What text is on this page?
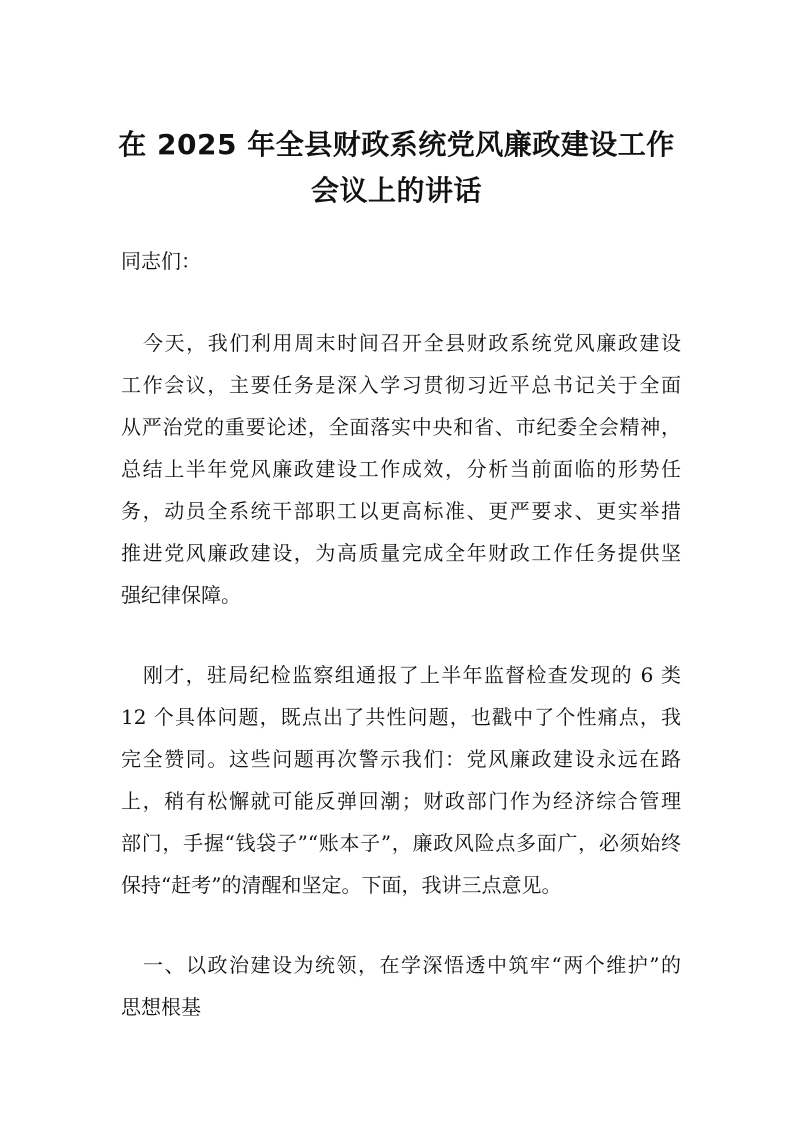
在 2025 年全县财政系统党风廉政建设工作
会议上的讲话
同志们：
今天，我们利用周末时间召开全县财政系统党风廉政建设
工作会议，主要任务是深入学习贯彻习近平总书记关于全面
从严治党的重要论述，全面落实中央和省、市纪委全会精神，
总结上半年党风廉政建设工作成效，分析当前面临的形势任
务，动员全系统干部职工以更高标准、更严要求、更实举措
推进党风廉政建设，为高质量完成全年财政工作任务提供坚
强纪律保障。
刚才，驻局纪检监察组通报了上半年监督检查发现的 6 类
12 个具体问题，既点出了共性问题，也戳中了个性痛点，我
完全赞同。这些问题再次警示我们：党风廉政建设永远在路
上，稍有松懈就可能反弹回潮；财政部门作为经济综合管理
部门，手握“钱袋子”“账本子”，廉政风险点多面广，必须始终
保持“赶考”的清醒和坚定。下面，我讲三点意见。
一、以政治建设为统领，在学深悟透中筑牢“两个维护”的
思想根基
